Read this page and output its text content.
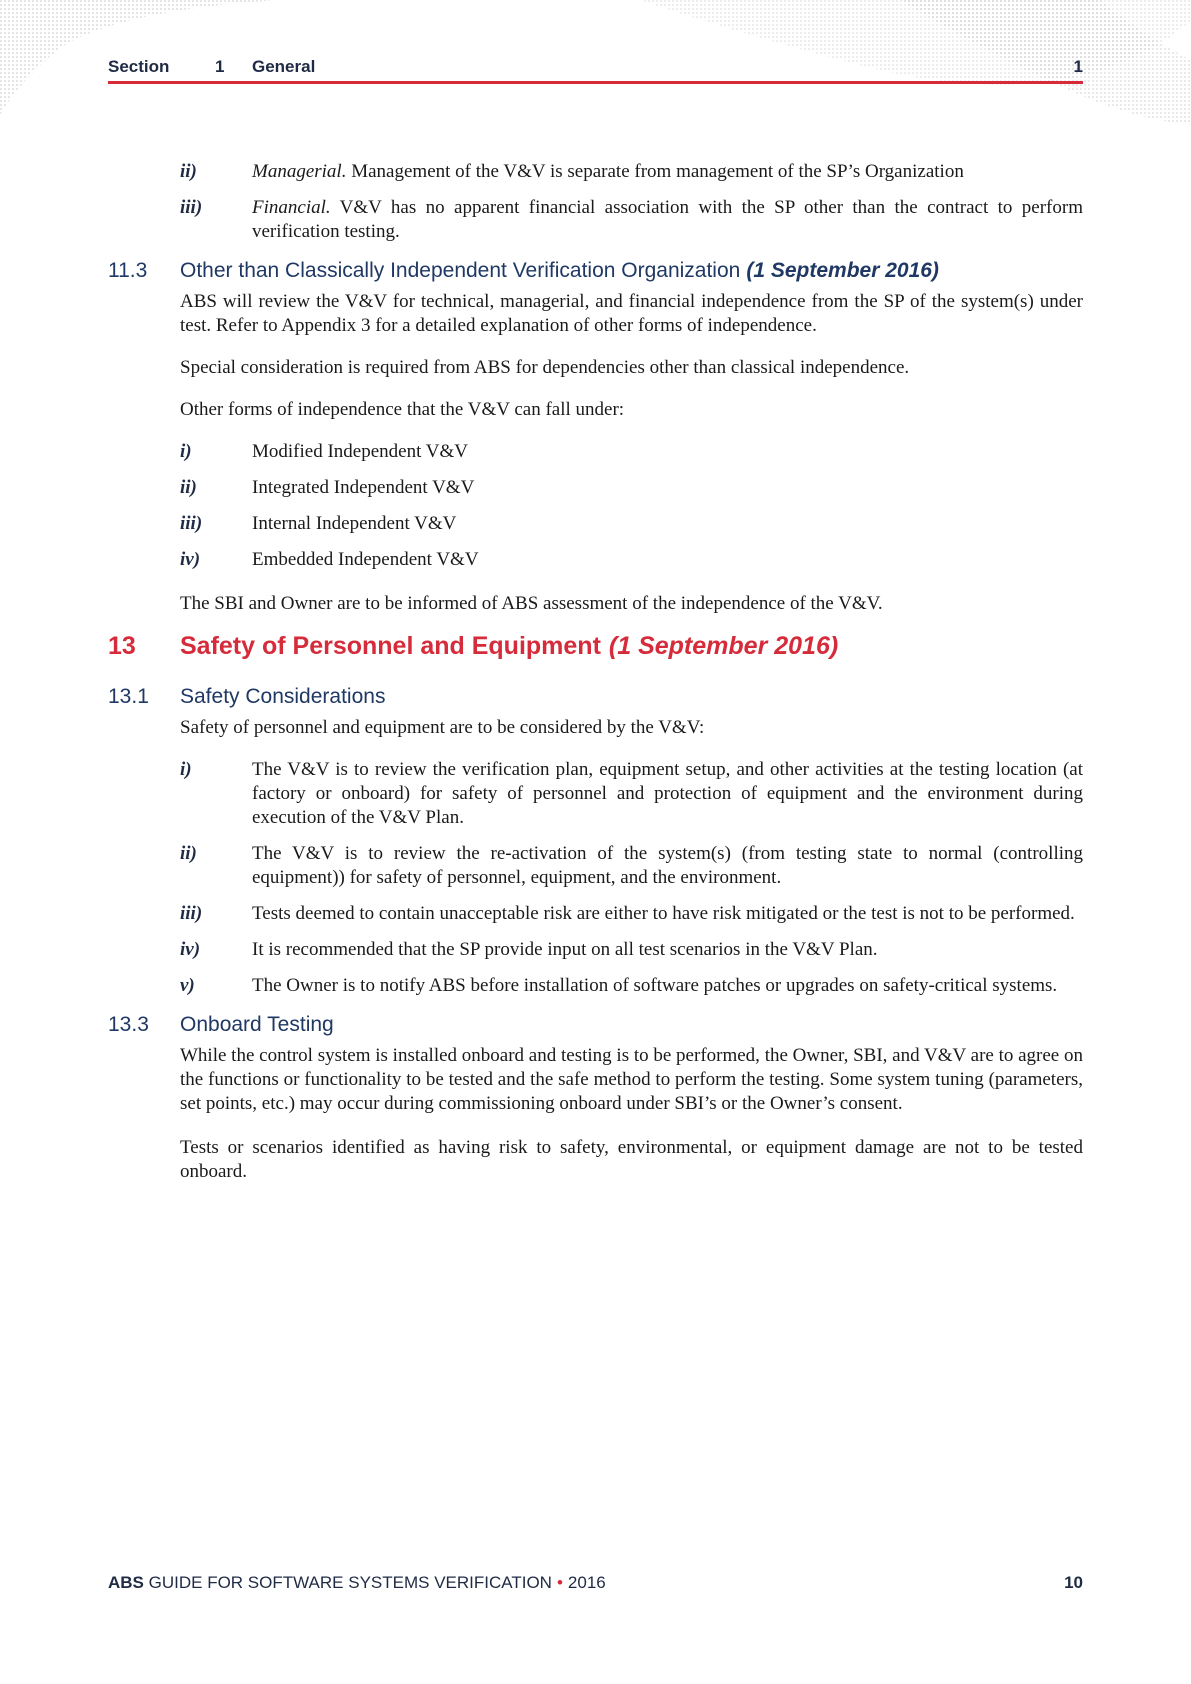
Section	1 General	1
ii)	Managerial. Management of the V&V is separate from management of the SP’s Organization
iii)	Financial. V&V has no apparent financial association with the SP other than the contract to perform verification testing.
11.3	Other than Classically Independent Verification Organization (1 September 2016)
ABS will review the V&V for technical, managerial, and financial independence from the SP of the system(s) under test. Refer to Appendix 3 for a detailed explanation of other forms of independence.
Special consideration is required from ABS for dependencies other than classical independence.
Other forms of independence that the V&V can fall under:
i)	Modified Independent V&V
ii)	Integrated Independent V&V
iii)	Internal Independent V&V
iv)	Embedded Independent V&V
The SBI and Owner are to be informed of ABS assessment of the independence of the V&V.
13	Safety of Personnel and Equipment (1 September 2016)
13.1	Safety Considerations
Safety of personnel and equipment are to be considered by the V&V:
i)	The V&V is to review the verification plan, equipment setup, and other activities at the testing location (at factory or onboard) for safety of personnel and protection of equipment and the environment during execution of the V&V Plan.
ii)	The V&V is to review the re-activation of the system(s) (from testing state to normal (controlling equipment)) for safety of personnel, equipment, and the environment.
iii)	Tests deemed to contain unacceptable risk are either to have risk mitigated or the test is not to be performed.
iv)	It is recommended that the SP provide input on all test scenarios in the V&V Plan.
v)	The Owner is to notify ABS before installation of software patches or upgrades on safety-critical systems.
13.3	Onboard Testing
While the control system is installed onboard and testing is to be performed, the Owner, SBI, and V&V are to agree on the functions or functionality to be tested and the safe method to perform the testing. Some system tuning (parameters, set points, etc.) may occur during commissioning onboard under SBI’s or the Owner’s consent.
Tests or scenarios identified as having risk to safety, environmental, or equipment damage are not to be tested onboard.
ABS GUIDE FOR SOFTWARE SYSTEMS VERIFICATION • 2016	10
